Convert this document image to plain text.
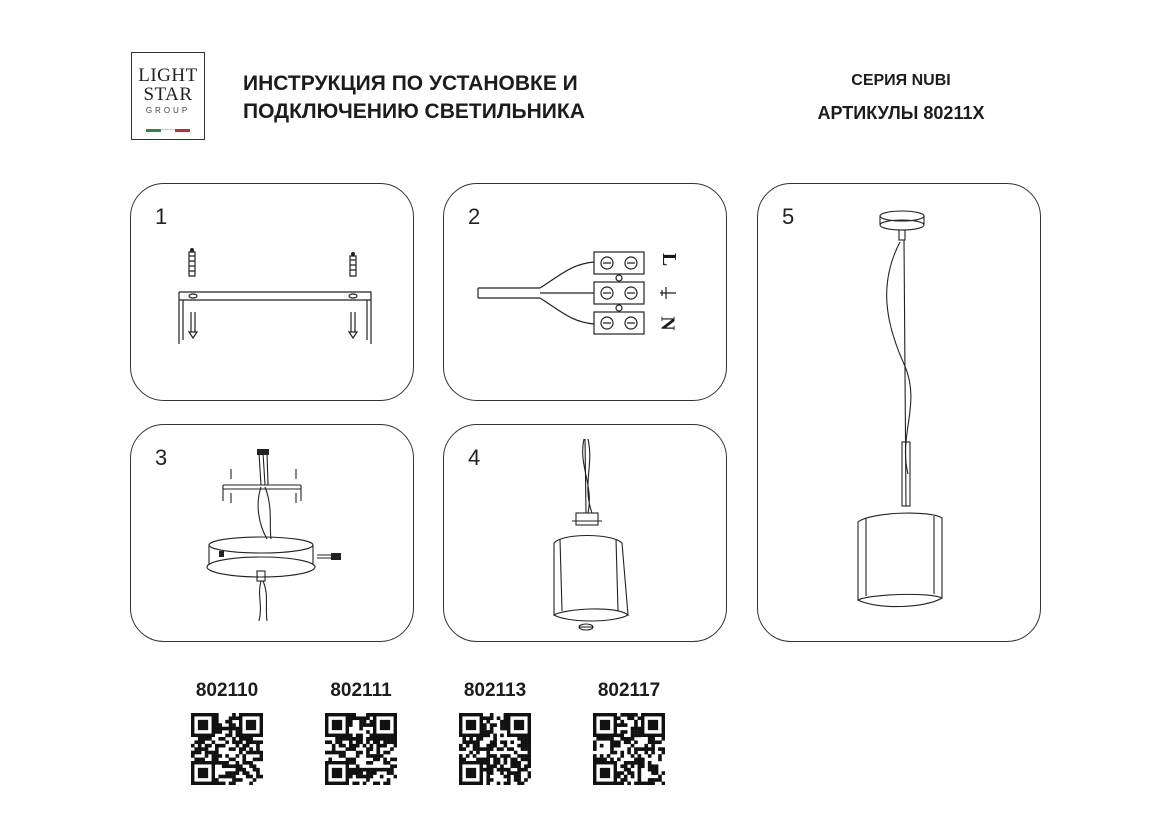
LIGHT
STAR
GROUP
ИНСТРУКЦИЯ ПО УСТАНОВКЕ И
ПОДКЛЮЧЕНИЮ СВЕТИЛЬНИКА
СЕРИЯ NUBI
АРТИКУЛЫ 80211X
1	2
L
N
3	4
5
802110	802111	802113	802117
